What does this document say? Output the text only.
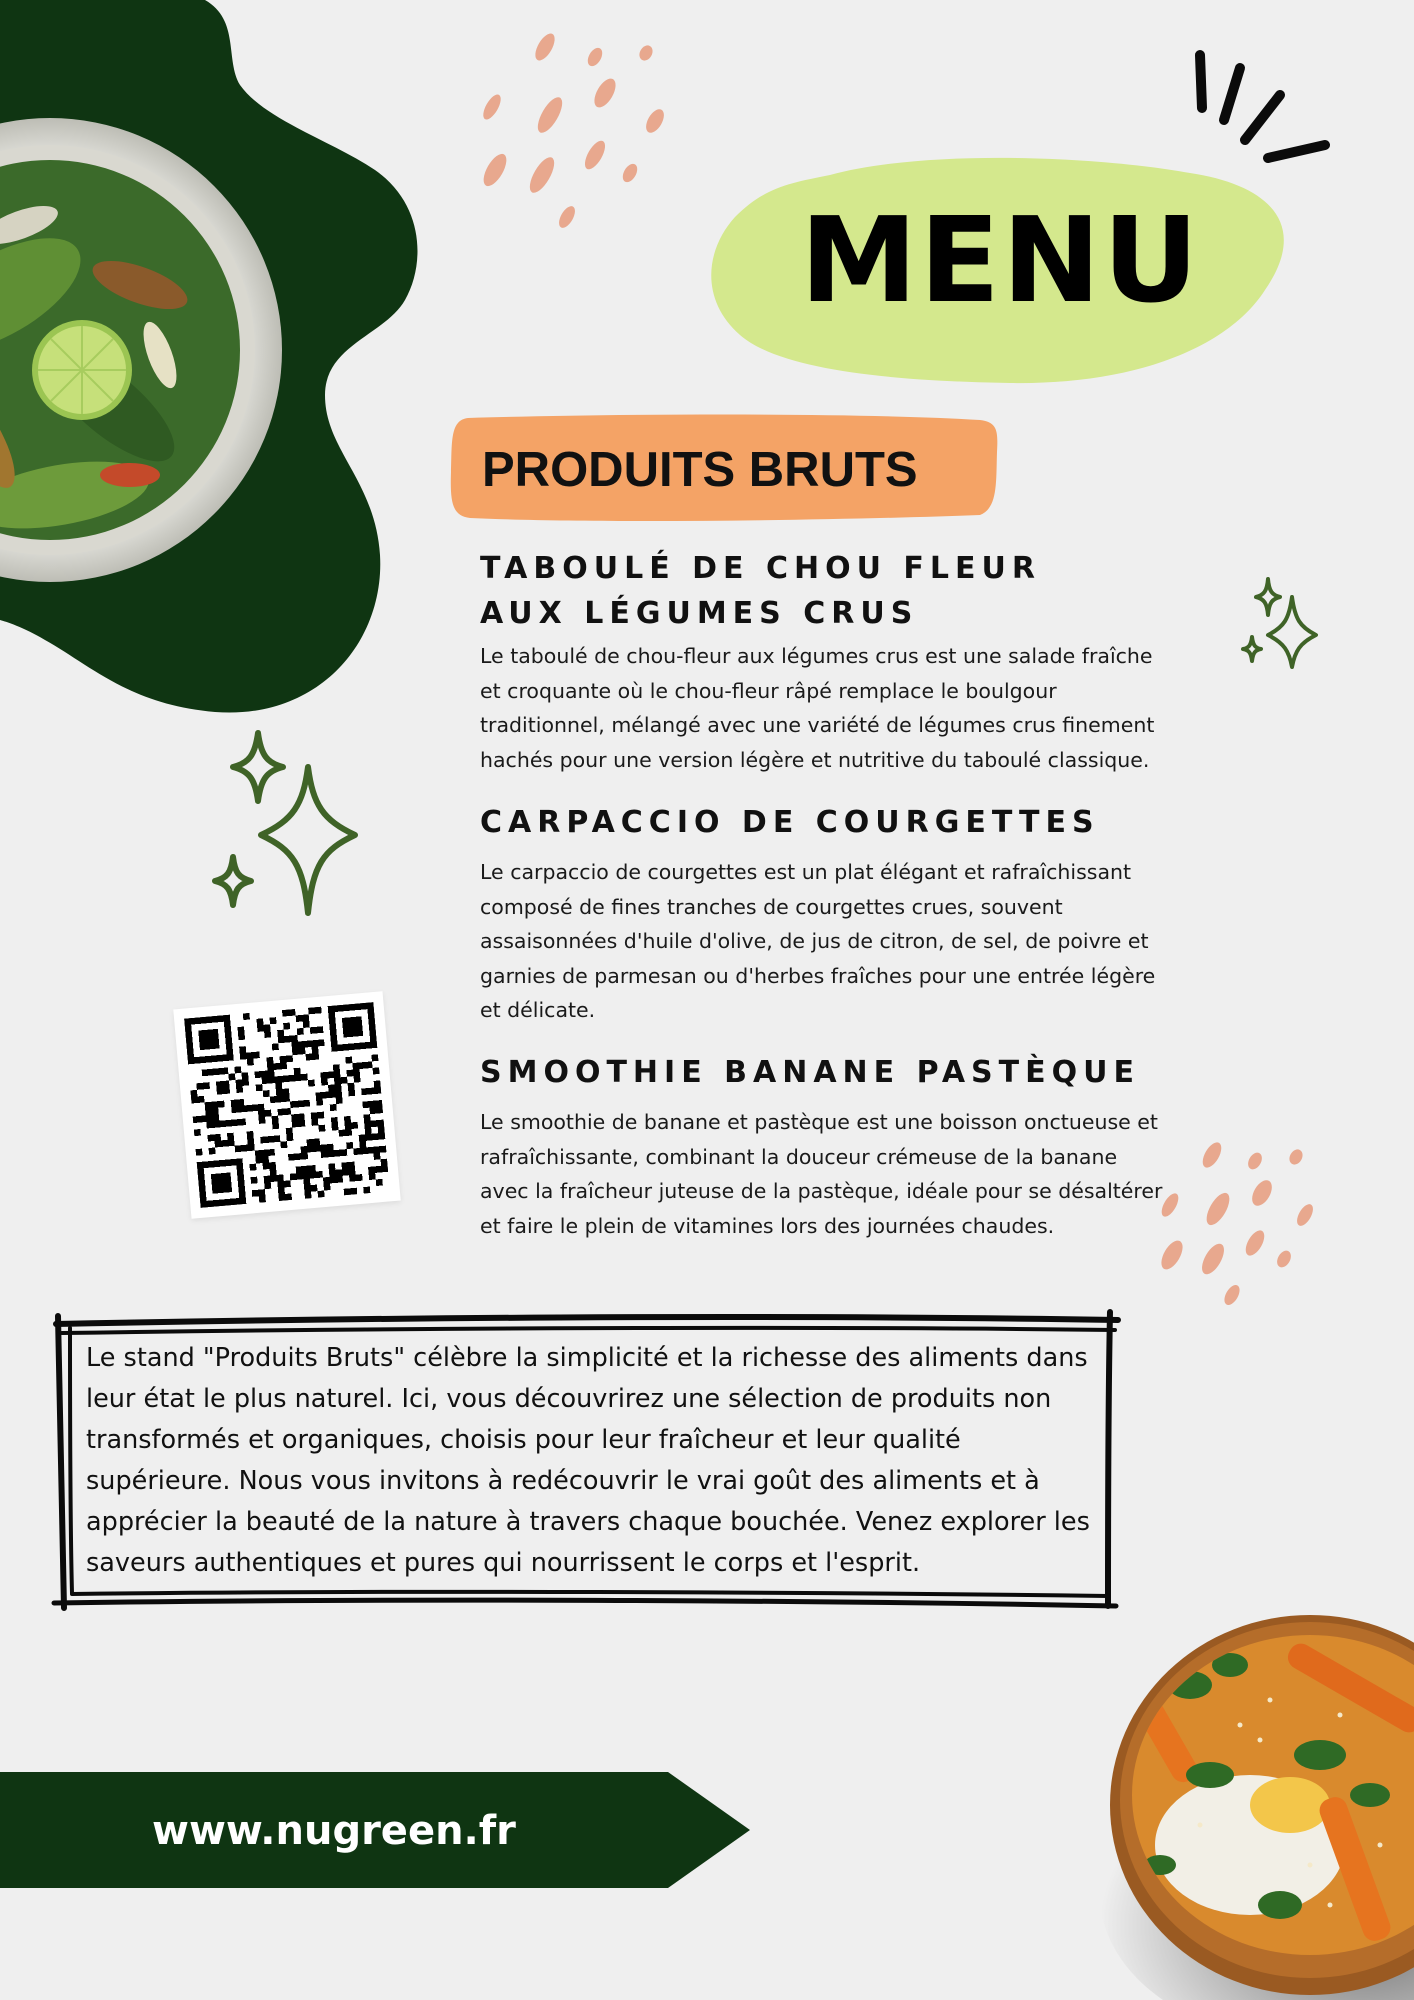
MENU
PRODUITS BRUTS

TABOULÉ DE CHOU FLEUR

AUX LÉGUMES CRUS

Le taboulé de chou-fleur aux légumes crus est une salade fraîche et croquante où le chou-fleur râpé remplace le boulgour traditionnel, mélangé avec une variété de légumes crus finement hachés pour une version légère et nutritive du taboulé classique.

CARPACCIO DE COURGETTES

Le carpaccio de courgettes est un plat élégant et rafraîchissant composé de fines tranches de courgettes crues, souvent assaisonnées d'huile d'olive, de jus de citron, de sel, de poivre et garnies de parmesan ou d'herbes fraîches pour une entrée légère et délicate.

SMOOTHIE BANANE PASTÈQUE

Le smoothie de banane et pastèque est une boisson onctueuse et rafraîchissante, combinant la douceur crémeuse de la banane avec la fraîcheur juteuse de la pastèque, idéale pour se désaltérer et faire le plein de vitamines lors des journées chaudes.

Le stand "Produits Bruts" célèbre la simplicité et la richesse des aliments dans leur état le plus naturel. Ici, vous découvrirez une sélection de produits non transformés et organiques, choisis pour leur fraîcheur et leur qualité supérieure. Nous vous invitons à redécouvrir le vrai goût des aliments et à apprécier la beauté de la nature à travers chaque bouchée. Venez explorer les saveurs authentiques et pures qui nourrissent le corps et l'esprit.

www.nugreen.fr
